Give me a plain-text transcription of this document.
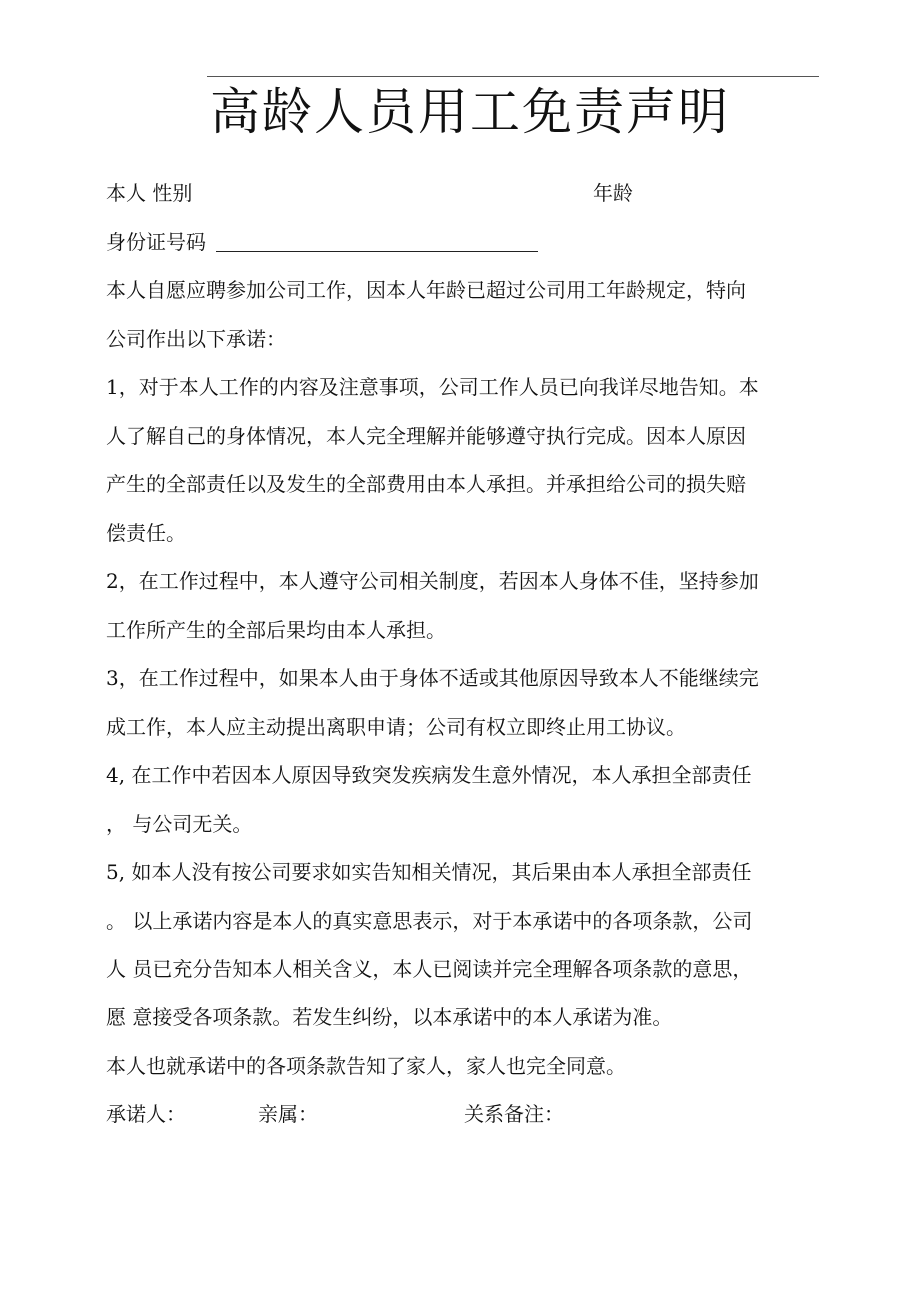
高龄人员用工免责声明
本人 性别	年龄
身份证号码

本人自愿应聘参加公司工作，因本人年龄已超过公司用工年龄规定，特向

公司作出以下承诺：

1，对于本人工作的内容及注意事项，公司工作人员已向我详尽地告知。本

人了解自己的身体情况，本人完全理解并能够遵守执行完成。因本人原因

产生的全部责任以及发生的全部费用由本人承担。并承担给公司的损失赔

偿责任。

2，在工作过程中，本人遵守公司相关制度，若因本人身体不佳，坚持参加

工作所产生的全部后果均由本人承担。

3，在工作过程中，如果本人由于身体不适或其他原因导致本人不能继续完

成工作，本人应主动提出离职申请；公司有权立即终止用工协议。

4, 在工作中若因本人原因导致突发疾病发生意外情况，本人承担全部责任

， 与公司无关。

5, 如本人没有按公司要求如实告知相关情况，其后果由本人承担全部责任

。 以上承诺内容是本人的真实意思表示，对于本承诺中的各项条款，公司

人 员已充分告知本人相关含义，本人已阅读并完全理解各项条款的意思，

愿 意接受各项条款。若发生纠纷，以本承诺中的本人承诺为准。

本人也就承诺中的各项条款告知了家人，家人也完全同意。

承诺人：	亲属：	关系备注：
